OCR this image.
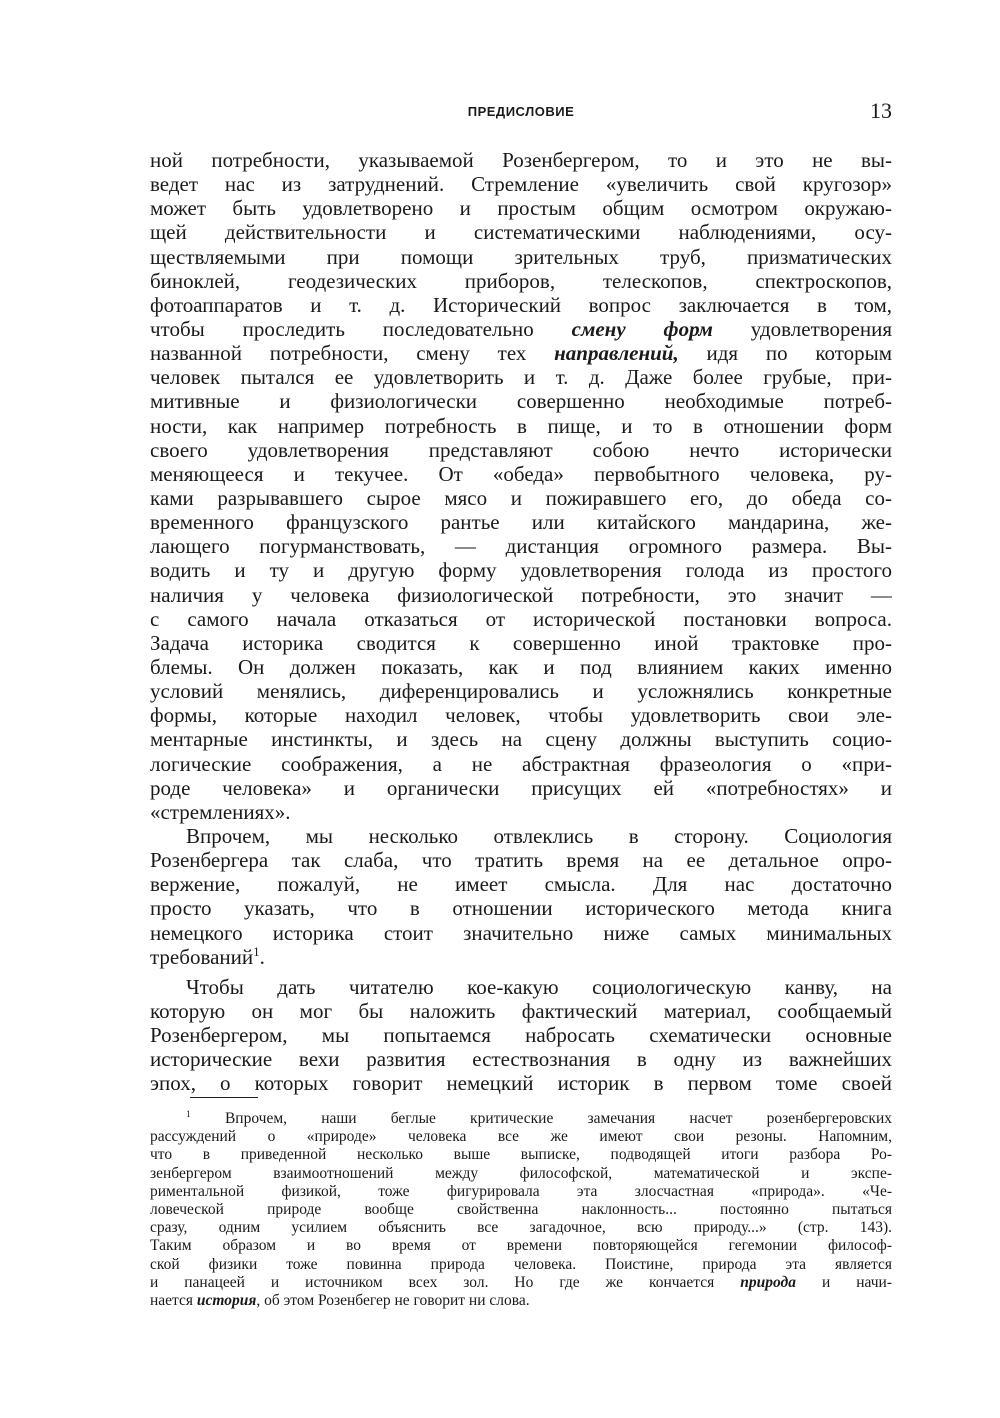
ПРЕДИСЛОВИЕ	13
ной потребности, указываемой Розенбергером, то и это не вы-
ведет нас из затруднений. Стремление «увеличить свой кругозор»
может быть удовлетворено и простым общим осмотром окружаю-
щей действительности и систематическими наблюдениями, осу-
ществляемыми при помощи зрительных труб, призматических
биноклей, геодезических приборов, телескопов, спектроскопов,
фотоаппаратов и т. д. Исторический вопрос заключается в том,
чтобы проследить последовательно смену форм удовлетворения
названной потребности, смену тех направлений, идя по которым
человек пытался ее удовлетворить и т. д. Даже более грубые, при-
митивные и физиологически совершенно необходимые потреб-
ности, как например потребность в пище, и то в отношении форм
своего удовлетворения представляют собою нечто исторически
меняющееся и текучее. От «обеда» первобытного человека, ру-
ками разрывавшего сырое мясо и пожиравшего его, до обеда со-
временного французского рантье или китайского мандарина, же-
лающего погурманствовать, — дистанция огромного размера. Вы-
водить и ту и другую форму удовлетворения голода из простого
наличия у человека физиологической потребности, это значит —
с самого начала отказаться от исторической постановки вопроса.
Задача историка сводится к совершенно иной трактовке про-
блемы. Он должен показать, как и под влиянием каких именно
условий менялись, диференцировались и усложнялись конкретные
формы, которые находил человек, чтобы удовлетворить свои эле-
ментарные инстинкты, и здесь на сцену должны выступить социо-
логические соображения, а не абстрактная фразеология о «при-
роде человека» и органически присущих ей «потребностях» и
«стремлениях».
Впрочем, мы несколько отвлеклись в сторону. Социология
Розенбергера так слаба, что тратить время на ее детальное опро-
вержение, пожалуй, не имеет смысла. Для нас достаточно
просто указать, что в отношении исторического метода книга
немецкого историка стоит значительно ниже самых минимальных
требований$^1$.
Чтобы дать читателю кое-какую социологическую канву, на
которую он мог бы наложить фактический материал, сообщаемый
Розенбергером, мы попытаемся набросать схематически основные
исторические вехи развития естествознания в одну из важнейших
эпох, о которых говорит немецкий историк в первом томе своей
$^1$ Впрочем, наши беглые критические замечания насчет розенбергеровских
рассуждений о «природе» человека все же имеют свои резоны. Напомним,
что в приведенной несколько выше выписке, подводящей итоги разбора Ро-
зенбергером взаимоотношений между философской, математической и экспе-
риментальной физикой, тоже фигурировала эта злосчастная «природа». «Че-
ловеческой природе вообще свойственна наклонность... постоянно пытаться
сразу, одним усилием объяснить все загадочное, всю природу...» (стр. 143).
Таким образом и во время от времени повторяющейся гегемонии философ-
ской физики тоже повинна природа человека. Поистине, природа эта является
и панацеей и источником всех зол. Но где же кончается природа и начи-
нается история, об этом Розенбегер не говорит ни слова.
